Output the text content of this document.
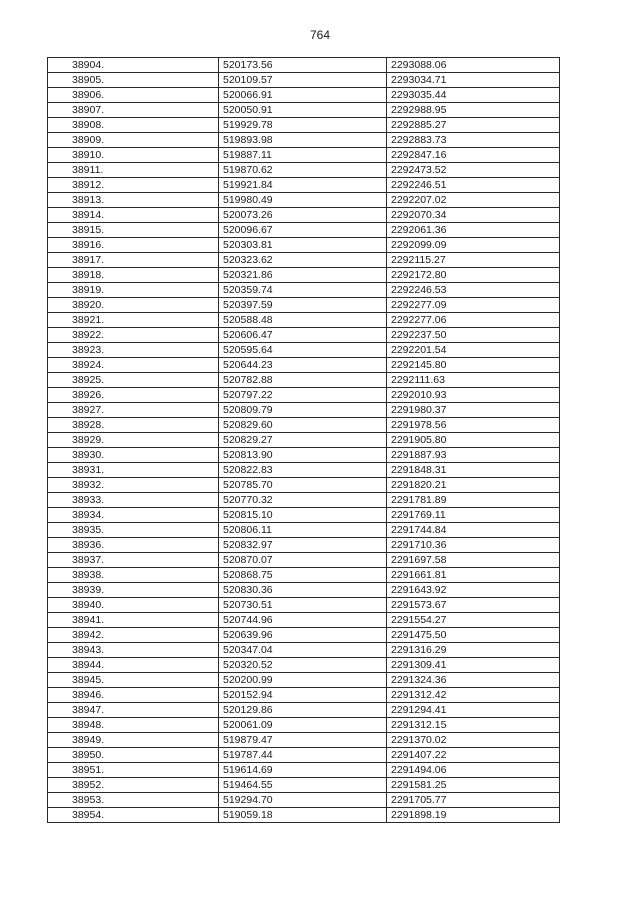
764
38904.	520173.56	2293088.06
38905.	520109.57	2293034.71
38906.	520066.91	2293035.44
38907.	520050.91	2292988.95
38908.	519929.78	2292885.27
38909.	519893.98	2292883.73
38910.	519887.11	2292847.16
38911.	519870.62	2292473.52
38912.	519921.84	2292246.51
38913.	519980.49	2292207.02
38914.	520073.26	2292070.34
38915.	520096.67	2292061.36
38916.	520303.81	2292099.09
38917.	520323.62	2292115.27
38918.	520321.86	2292172.80
38919.	520359.74	2292246.53
38920.	520397.59	2292277.09
38921.	520588.48	2292277.06
38922.	520606.47	2292237.50
38923.	520595.64	2292201.54
38924.	520644.23	2292145.80
38925.	520782.88	2292111.63
38926.	520797.22	2292010.93
38927.	520809.79	2291980.37
38928.	520829.60	2291978.56
38929.	520829.27	2291905.80
38930.	520813.90	2291887.93
38931.	520822.83	2291848.31
38932.	520785.70	2291820.21
38933.	520770.32	2291781.89
38934.	520815.10	2291769.11
38935.	520806.11	2291744.84
38936.	520832.97	2291710.36
38937.	520870.07	2291697.58
38938.	520868.75	2291661.81
38939.	520830.36	2291643.92
38940.	520730.51	2291573.67
38941.	520744.96	2291554.27
38942.	520639.96	2291475.50
38943.	520347.04	2291316.29
38944.	520320.52	2291309.41
38945.	520200.99	2291324.36
38946.	520152.94	2291312.42
38947.	520129.86	2291294.41
38948.	520061.09	2291312.15
38949.	519879.47	2291370.02
38950.	519787.44	2291407.22
38951.	519614.69	2291494.06
38952.	519464.55	2291581.25
38953.	519294.70	2291705.77
38954.	519059.18	2291898.19
